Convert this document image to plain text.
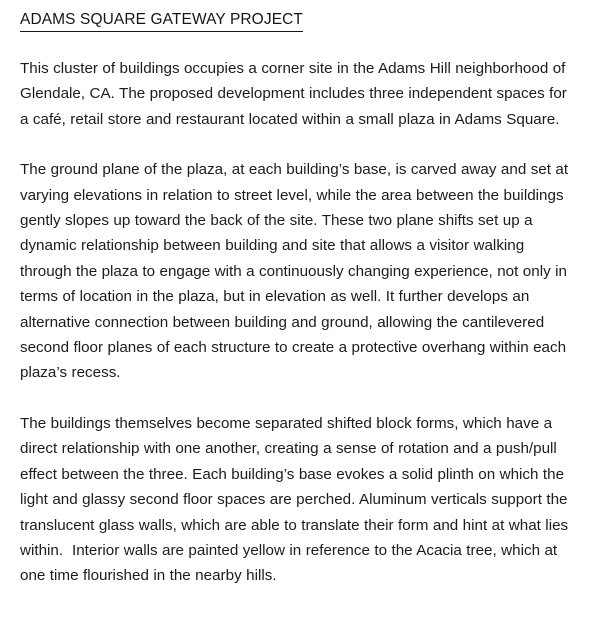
ADAMS SQUARE GATEWAY PROJECT

This cluster of buildings occupies a corner site in the Adams Hill neighborhood of Glendale, CA. The proposed development includes three independent spaces for a café, retail store and restaurant located within a small plaza in Adams Square.

The ground plane of the plaza, at each building’s base, is carved away and set at varying elevations in relation to street level, while the area between the buildings gently slopes up toward the back of the site. These two plane shifts set up a dynamic relationship between building and site that allows a visitor walking through the plaza to engage with a continuously changing experience, not only in terms of location in the plaza, but in elevation as well. It further develops an alternative connection between building and ground, allowing the cantilevered second floor planes of each structure to create a protective overhang within each plaza’s recess.

The buildings themselves become separated shifted block forms, which have a direct relationship with one another, creating a sense of rotation and a push/pull effect between the three. Each building’s base evokes a solid plinth on which the light and glassy second floor spaces are perched. Aluminum verticals support the translucent glass walls, which are able to translate their form and hint at what lies within.  Interior walls are painted yellow in reference to the Acacia tree, which at one time flourished in the nearby hills.
